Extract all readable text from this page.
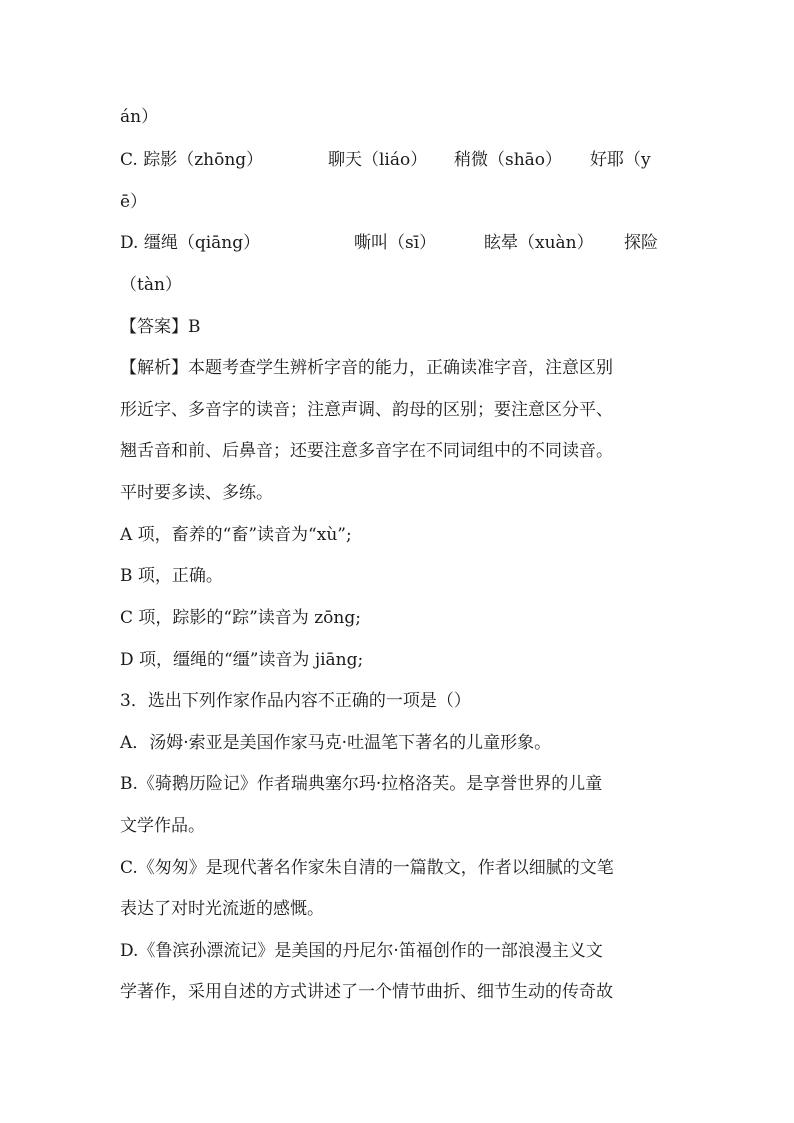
án）
C. 踪影（zhōng）	聊天（liáo） 稍微（shāo） 好耶（y
ē）
D. 缰绳（qiāng）	嘶叫（sī）	眩晕（xuàn） 探险
（tàn）
【答案】B
【解析】本题考查学生辨析字音的能力，正确读准字音，注意区别
形近字、多音字的读音；注意声调、韵母的区别；要注意区分平、
翘舌音和前、后鼻音；还要注意多音字在不同词组中的不同读音。
平时要多读、多练。
A 项，畜养的“畜”读音为“xù”;
B 项，正确。
C 项，踪影的“踪”读音为 zōng;
D 项，缰绳的“缰”读音为 jiāng;
3．选出下列作家作品内容不正确的一项是（）
A．汤姆·索亚是美国作家马克·吐温笔下著名的儿童形象。
B.《骑鹅历险记》作者瑞典塞尔玛·拉格洛芙。是享誉世界的儿童
文学作品。
C.《匆匆》是现代著名作家朱自清的一篇散文，作者以细腻的文笔
表达了对时光流逝的感慨。
D.《鲁滨孙漂流记》是美国的丹尼尔·笛福创作的一部浪漫主义文
学著作，采用自述的方式讲述了一个情节曲折、细节生动的传奇故
